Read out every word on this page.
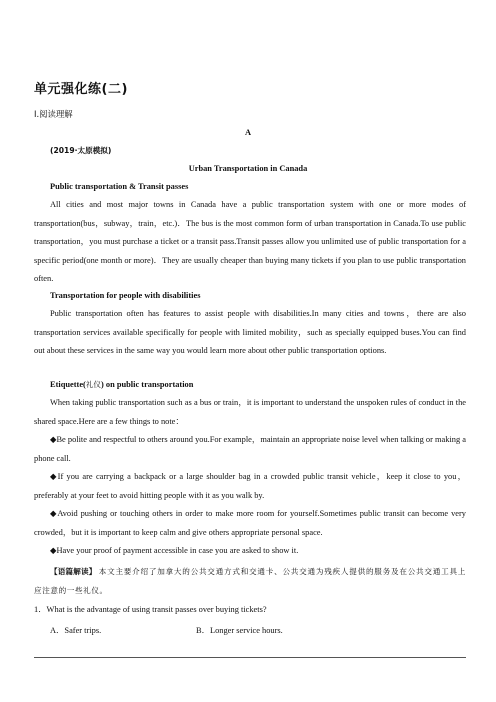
单元强化练(二)
Ⅰ.阅读理解
A
(2019·太原模拟)
Urban Transportation in Canada
Public transportation & Transit passes
All cities and most major towns in Canada have a public transportation system with one or more modes of transportation(bus，subway，train，etc.)．The bus is the most common form of urban transportation in Canada.To use public transportation，you must purchase a ticket or a transit pass.Transit passes allow you unlimited use of public transportation for a specific period(one month or more)．They are usually cheaper than buying many tickets if you plan to use public transportation often.
Transportation for people with disabilities
Public transportation often has features to assist people with disabilities.In many cities and towns，there are also transportation services available specifically for people with limited mobility，such as specially equipped buses.You can find out about these services in the same way you would learn more about other public transportation options.
Etiquette(礼仪) on public transportation
When taking public transportation such as a bus or train，it is important to understand the unspoken rules of conduct in the shared space.Here are a few things to note：
◆Be polite and respectful to others around you.For example，maintain an appropriate noise level when talking or making a phone call.
◆If you are carrying a backpack or a large shoulder bag in a crowded public transit vehicle，keep it close to you，preferably at your feet to avoid hitting people with it as you walk by.
◆Avoid pushing or touching others in order to make more room for yourself.Sometimes public transit can become very crowded，but it is important to keep calm and give others appropriate personal space.
◆Have your proof of payment accessible in case you are asked to show it.
【语篇解读】 本文主要介绍了加拿大的公共交通方式和交通卡、公共交通为残疾人提供的服务及在公共交通工具上应注意的一些礼仪。
1．What is the advantage of using transit passes over buying tickets?
A．Safer trips.	B．Longer service hours.
